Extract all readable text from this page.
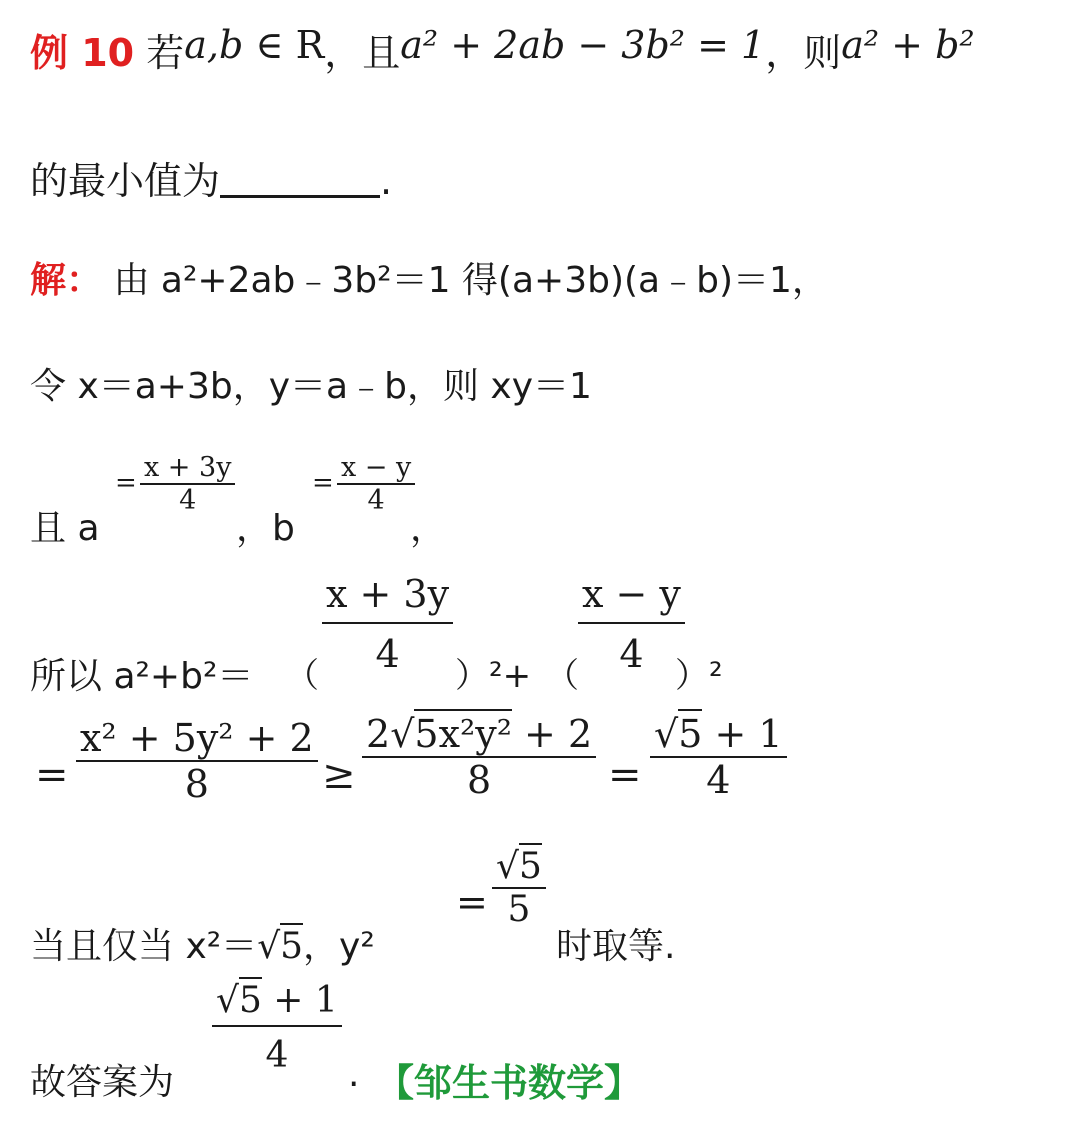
例 10 若a,b ∈ R，且a² + 2ab − 3b² = 1，则a² + b²
的最小值为	.
解： 由 a²+2ab﹣3b²＝1 得(a+3b)(a﹣b)＝1，
令 x＝a+3b，y＝a﹣b，则 xy＝1
且 a
= $\frac{x + 3y}{4}$
，b
= $\frac{x - y}{4}$
，
所以 a²+b²＝ （ $\frac{x + 3y}{4} )^2+$ （ $\frac{x - y}{4}$
）²
= $\frac{\text{x² + 5y² + 2}}{8} \ge \frac{\text{2√5x²y² + 2}}{8} = \frac{√5 + 1}{4}$
当且仅当 x²＝√5，y²
= $\frac{√5}{5}$
时取等.
故答案为
$\frac{√5 + 1}{4}$ . 【邹生书数学】
